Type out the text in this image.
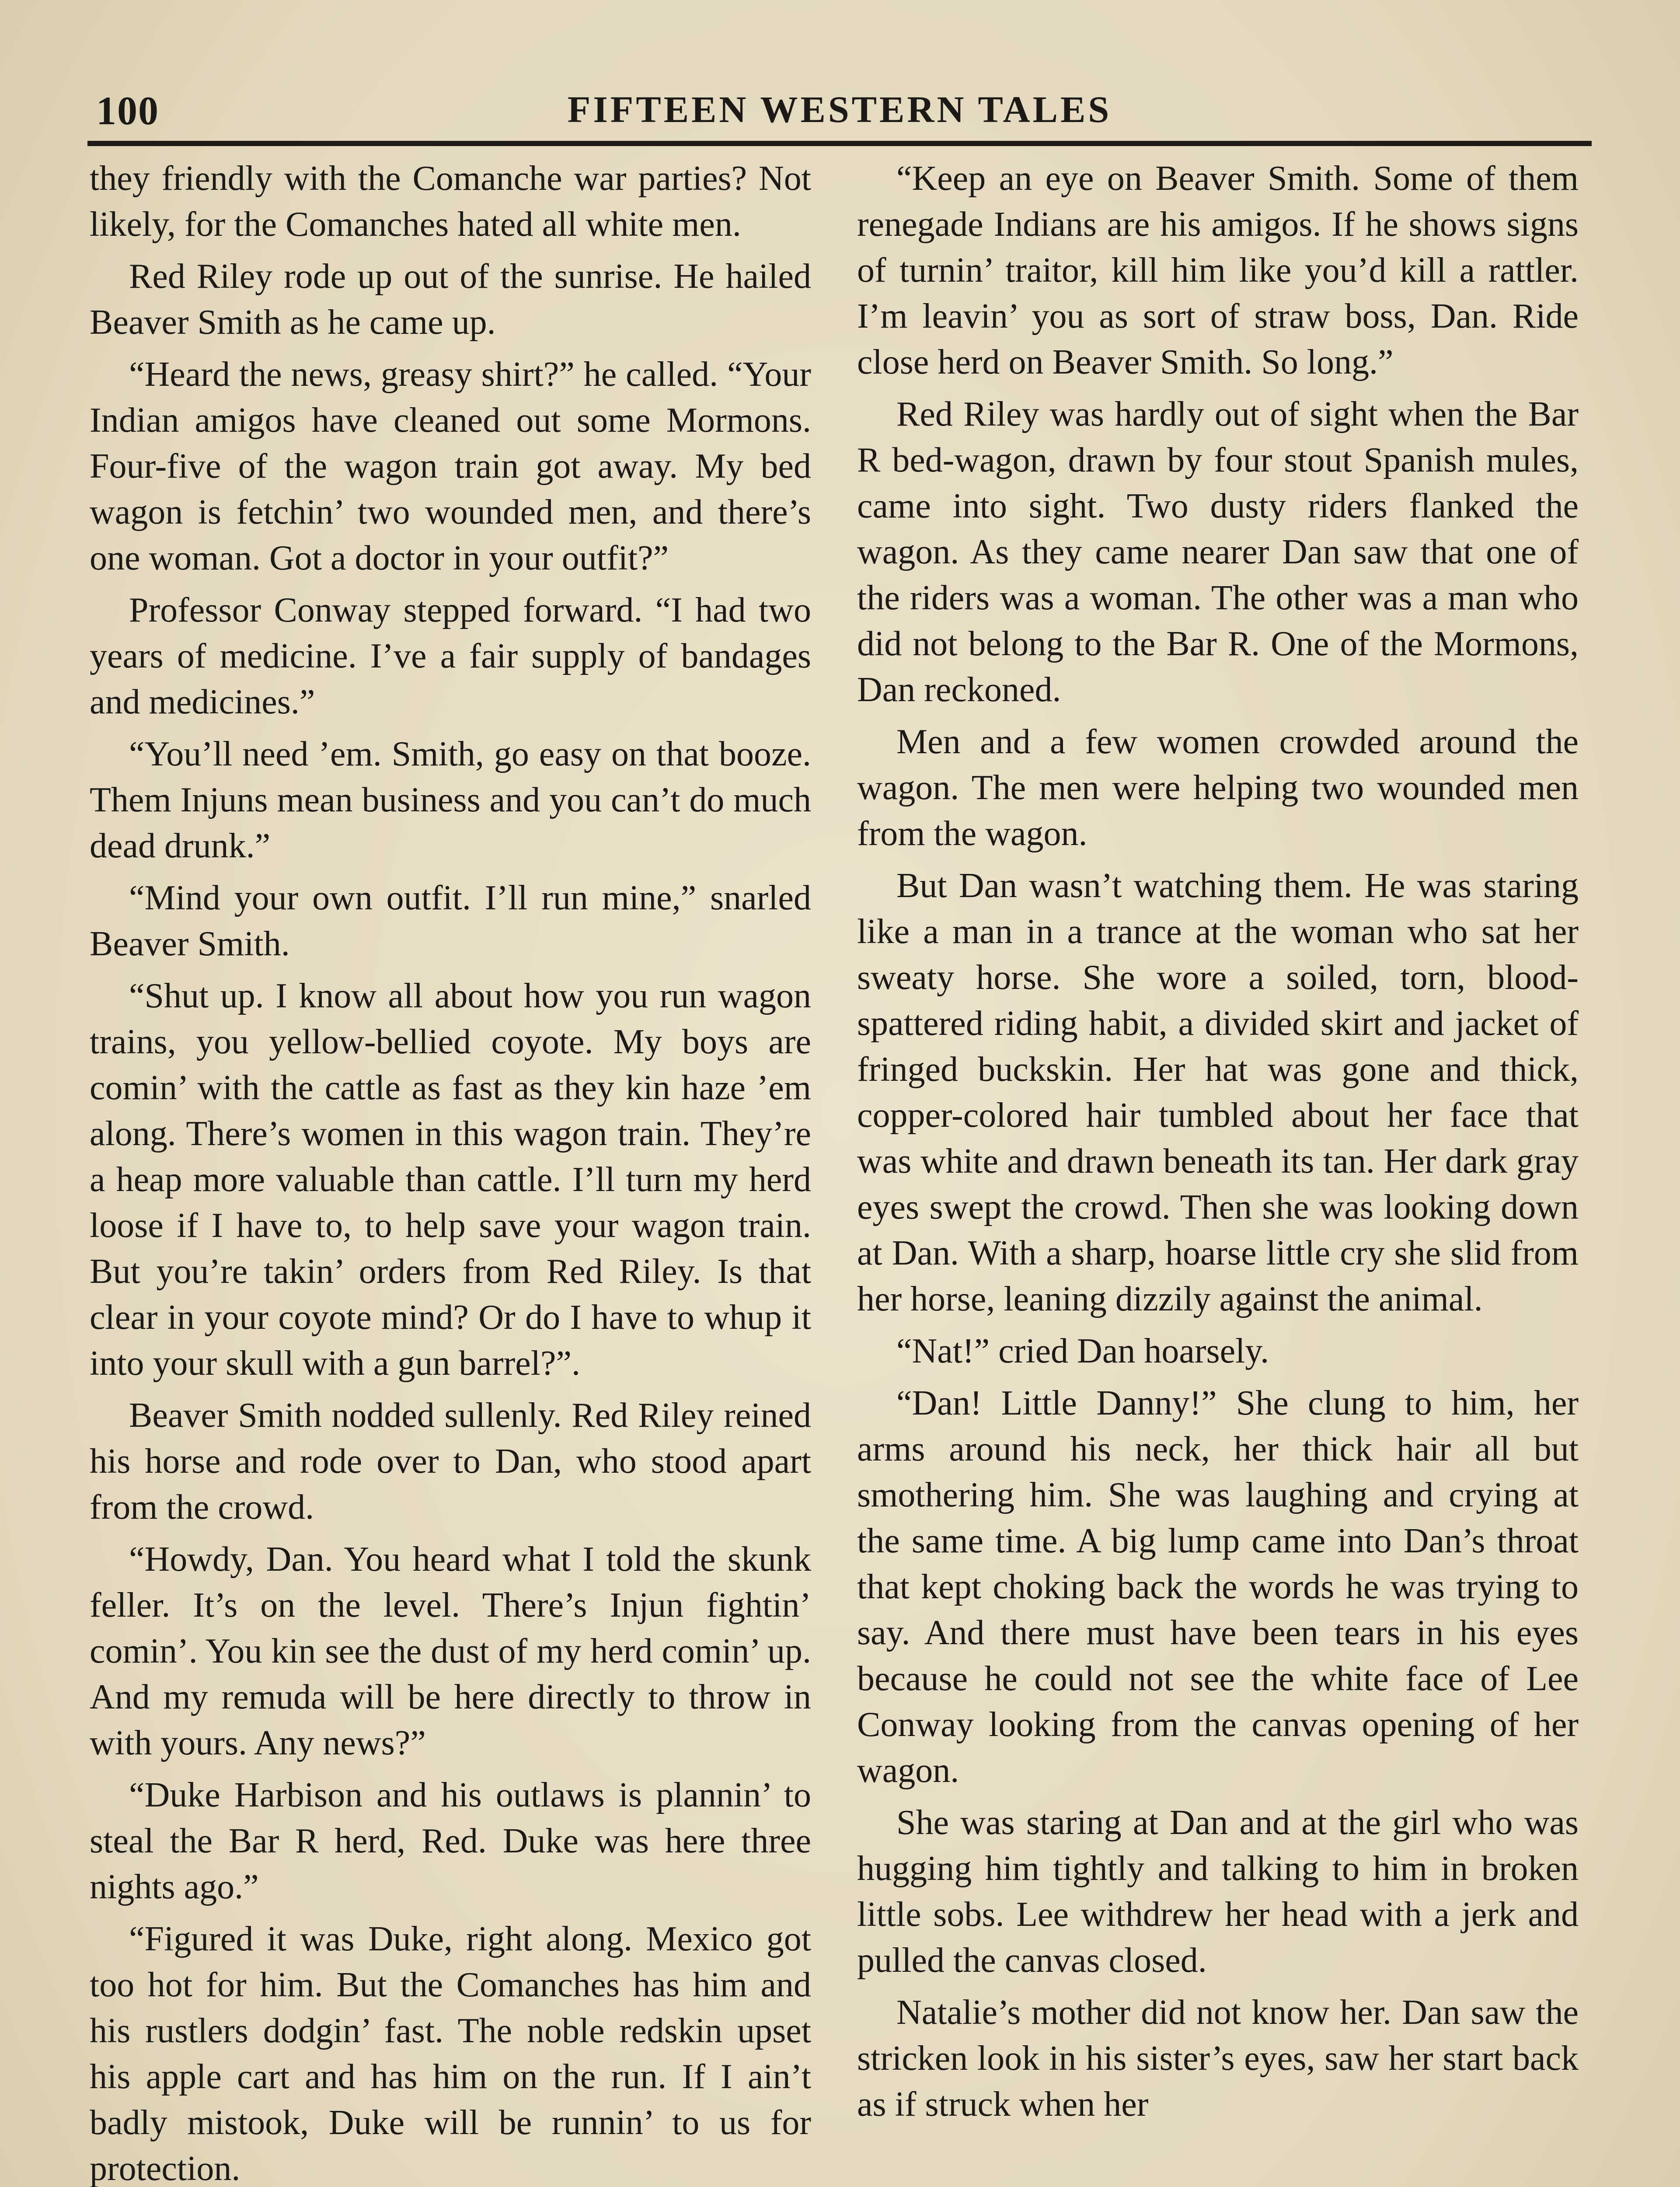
100	FIFTEEN WESTERN TALES

they friendly with the Comanche war parties? Not likely, for the Comanches hated all white men.

Red Riley rode up out of the sunrise. He hailed Beaver Smith as he came up.

“Heard the news, greasy shirt?” he called. “Your Indian amigos have cleaned out some Mormons. Four-five of the wagon train got away. My bed wagon is fetchin’ two wounded men, and there’s one woman. Got a doctor in your outfit?”

Professor Conway stepped forward. “I had two years of medicine. I’ve a fair supply of bandages and medicines.”

“You’ll need ’em. Smith, go easy on that booze. Them Injuns mean business and you can’t do much dead drunk.”

“Mind your own outfit. I’ll run mine,” snarled Beaver Smith.

“Shut up. I know all about how you run wagon trains, you yellow-bellied coyote. My boys are comin’ with the cattle as fast as they kin haze ’em along. There’s women in this wagon train. They’re a heap more valuable than cattle. I’ll turn my herd loose if I have to, to help save your wagon train. But you’re takin’ orders from Red Riley. Is that clear in your coyote mind? Or do I have to whup it into your skull with a gun barrel?”.

Beaver Smith nodded sullenly. Red Riley reined his horse and rode over to Dan, who stood apart from the crowd.

“Howdy, Dan. You heard what I told the skunk feller. It’s on the level. There’s Injun fightin’ comin’. You kin see the dust of my herd comin’ up. And my remuda will be here directly to throw in with yours. Any news?”

“Duke Harbison and his outlaws is plannin’ to steal the Bar R herd, Red. Duke was here three nights ago.”

“Figured it was Duke, right along. Mexico got too hot for him. But the Comanches has him and his rustlers dodgin’ fast. The noble redskin upset his apple cart and has him on the run. If I ain’t badly mistook, Duke will be runnin’ to us for protection.

“Keep an eye on Beaver Smith. Some of them renegade Indians are his amigos. If he shows signs of turnin’ traitor, kill him like you’d kill a rattler. I’m leavin’ you as sort of straw boss, Dan. Ride close herd on Beaver Smith. So long.”

Red Riley was hardly out of sight when the Bar R bed-wagon, drawn by four stout Spanish mules, came into sight. Two dusty riders flanked the wagon. As they came nearer Dan saw that one of the riders was a woman. The other was a man who did not belong to the Bar R. One of the Mormons, Dan reckoned.

Men and a few women crowded around the wagon. The men were helping two wounded men from the wagon.

But Dan wasn’t watching them. He was staring like a man in a trance at the woman who sat her sweaty horse. She wore a soiled, torn, blood-spattered riding habit, a divided skirt and jacket of fringed buckskin. Her hat was gone and thick, copper-colored hair tumbled about her face that was white and drawn beneath its tan. Her dark gray eyes swept the crowd. Then she was looking down at Dan. With a sharp, hoarse little cry she slid from her horse, leaning dizzily against the animal.

“Nat!” cried Dan hoarsely.

“Dan! Little Danny!” She clung to him, her arms around his neck, her thick hair all but smothering him. She was laughing and crying at the same time. A big lump came into Dan’s throat that kept choking back the words he was trying to say. And there must have been tears in his eyes because he could not see the white face of Lee Conway looking from the canvas opening of her wagon.

She was staring at Dan and at the girl who was hugging him tightly and talking to him in broken little sobs. Lee withdrew her head with a jerk and pulled the canvas closed.

Natalie’s mother did not know her. Dan saw the stricken look in his sister’s eyes, saw her start back as if struck when her
